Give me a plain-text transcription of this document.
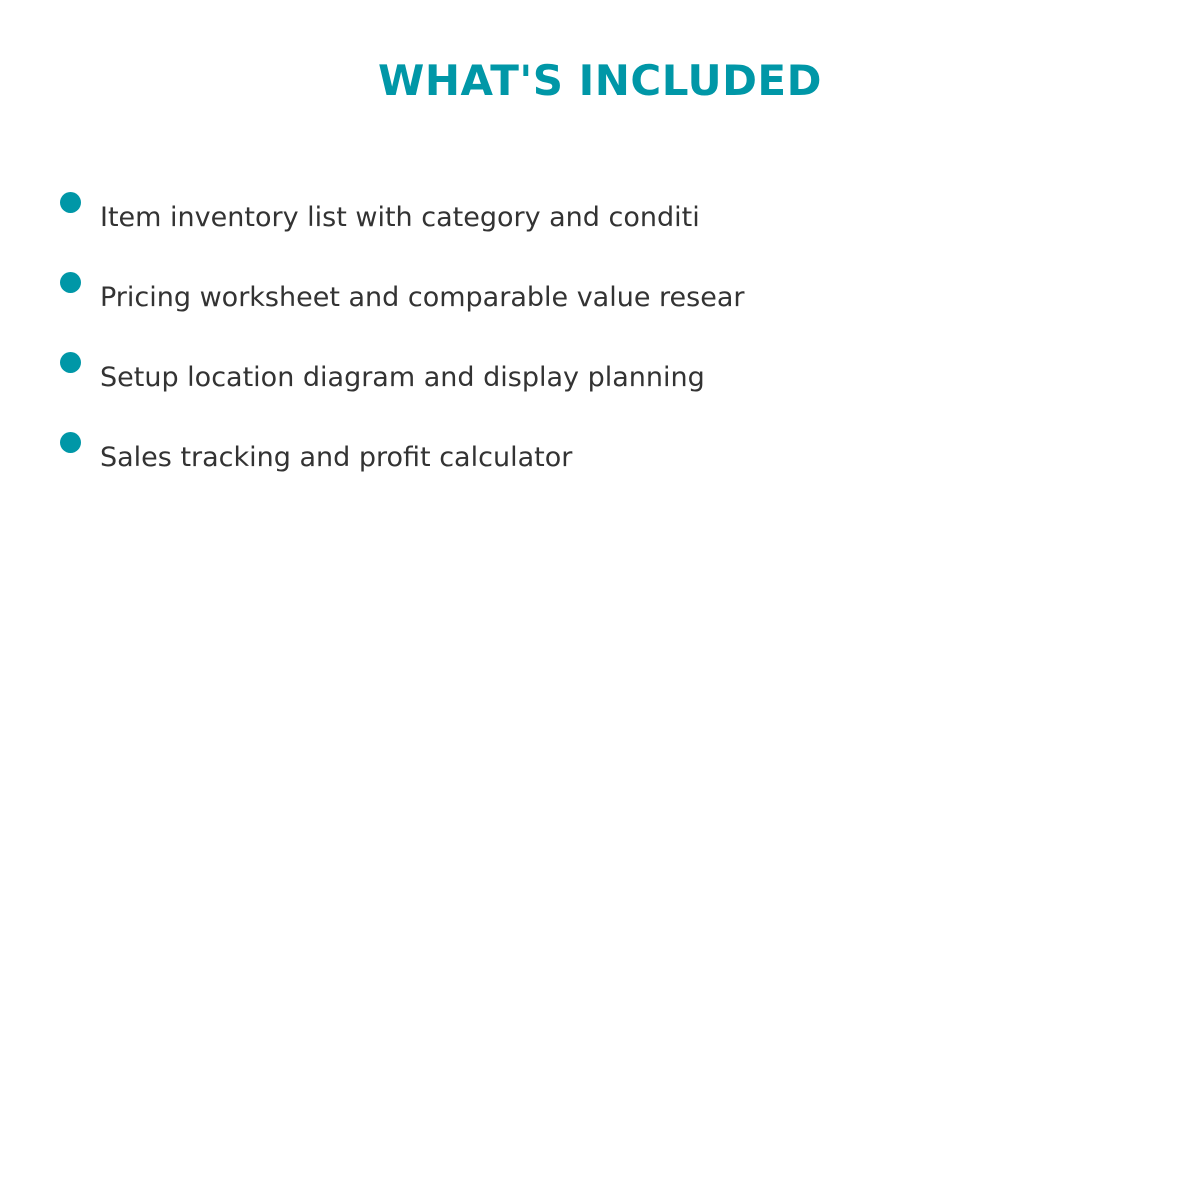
WHAT'S INCLUDED
Item inventory list with category and conditi
Pricing worksheet and comparable value resear
Setup location diagram and display planning
Sales tracking and profit calculator
